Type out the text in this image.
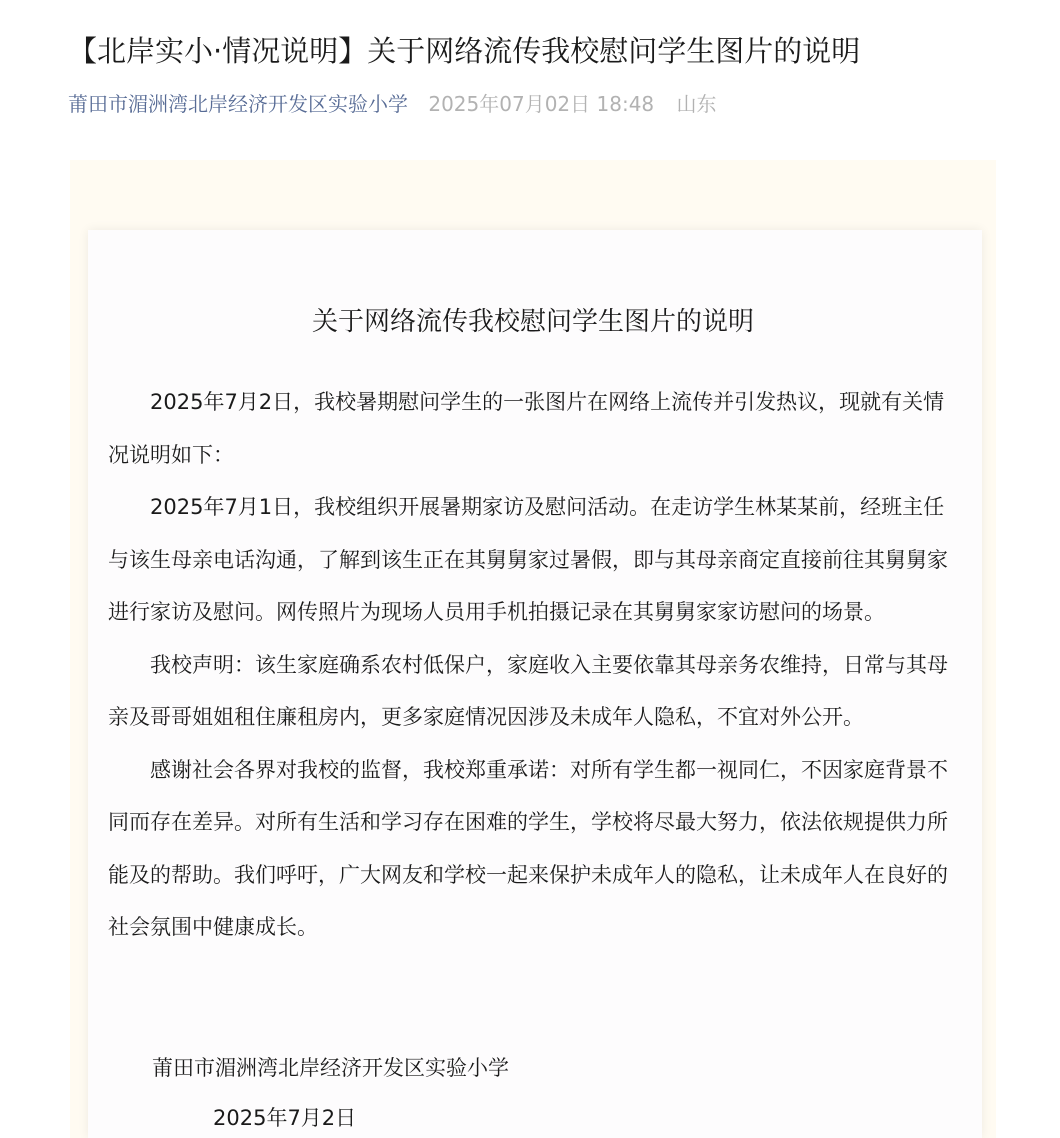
【北岸实小·情况说明】关于网络流传我校慰问学生图片的说明
莆田市湄洲湾北岸经济开发区实验小学 2025年07月02日 18:48 山东
关于网络流传我校慰问学生图片的说明

2025年7月2日，我校暑期慰问学生的一张图片在网络上流传并引发热议，现就有关情况说明如下：

2025年7月1日，我校组织开展暑期家访及慰问活动。在走访学生林某某前，经班主任与该生母亲电话沟通，了解到该生正在其舅舅家过暑假，即与其母亲商定直接前往其舅舅家进行家访及慰问。网传照片为现场人员用手机拍摄记录在其舅舅家家访慰问的场景。

我校声明：该生家庭确系农村低保户，家庭收入主要依靠其母亲务农维持，日常与其母亲及哥哥姐姐租住廉租房内，更多家庭情况因涉及未成年人隐私，不宜对外公开。

感谢社会各界对我校的监督，我校郑重承诺：对所有学生都一视同仁，不因家庭背景不同而存在差异。对所有生活和学习存在困难的学生，学校将尽最大努力，依法依规提供力所能及的帮助。我们呼吁，广大网友和学校一起来保护未成年人的隐私，让未成年人在良好的社会氛围中健康成长。

莆田市湄洲湾北岸经济开发区实验小学

2025年7月2日
